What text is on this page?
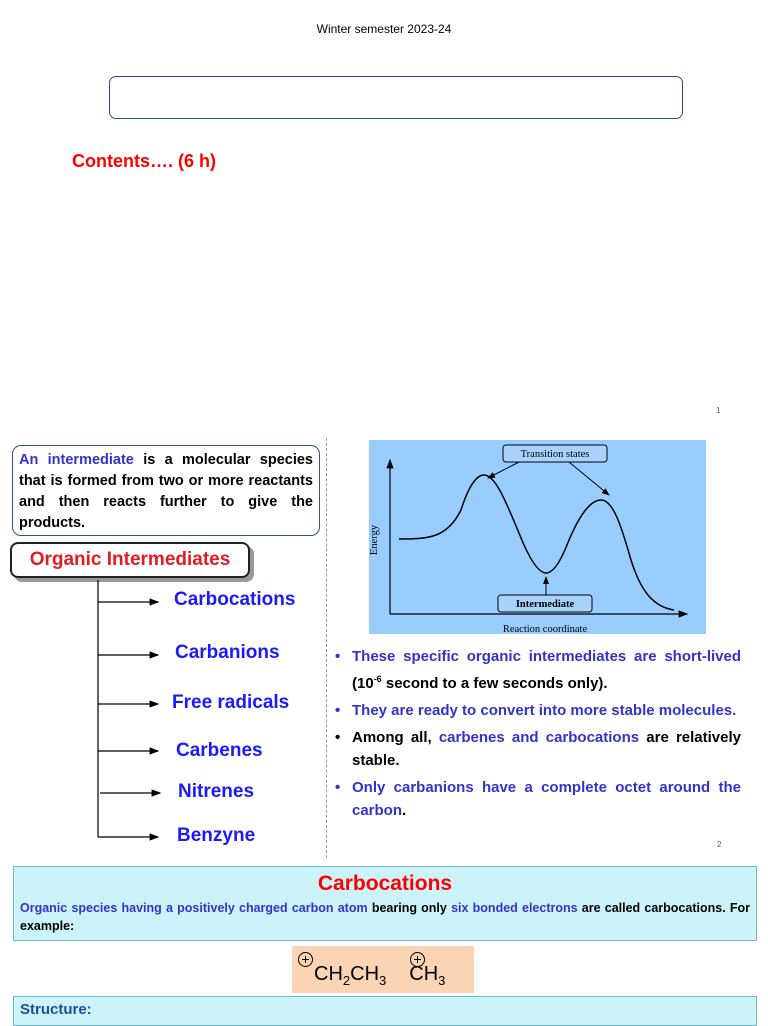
Winter semester 2023-24
Contents…. (6 h)
1
An intermediate is a molecular species that is formed from two or more reactants and then reacts further to give the products.
Organic Intermediates
Carbocations
Carbanions
Free radicals
Carbenes
Nitrenes
Benzyne
Transition states
Intermediate
Energy
Reaction coordinate
• These specific organic intermediates are short-lived ($10^{-6}$ second to a few seconds only).
• They are ready to convert into more stable molecules.
• Among all, carbenes and carbocations are relatively stable.
• Only carbanions have a complete octet around the carbon.
2
Carbocations
Organic species having a positively charged carbon atom bearing only six bonded electrons are called carbocations. For example:
$CH_2CH_3$ $CH_3$
Structure:
